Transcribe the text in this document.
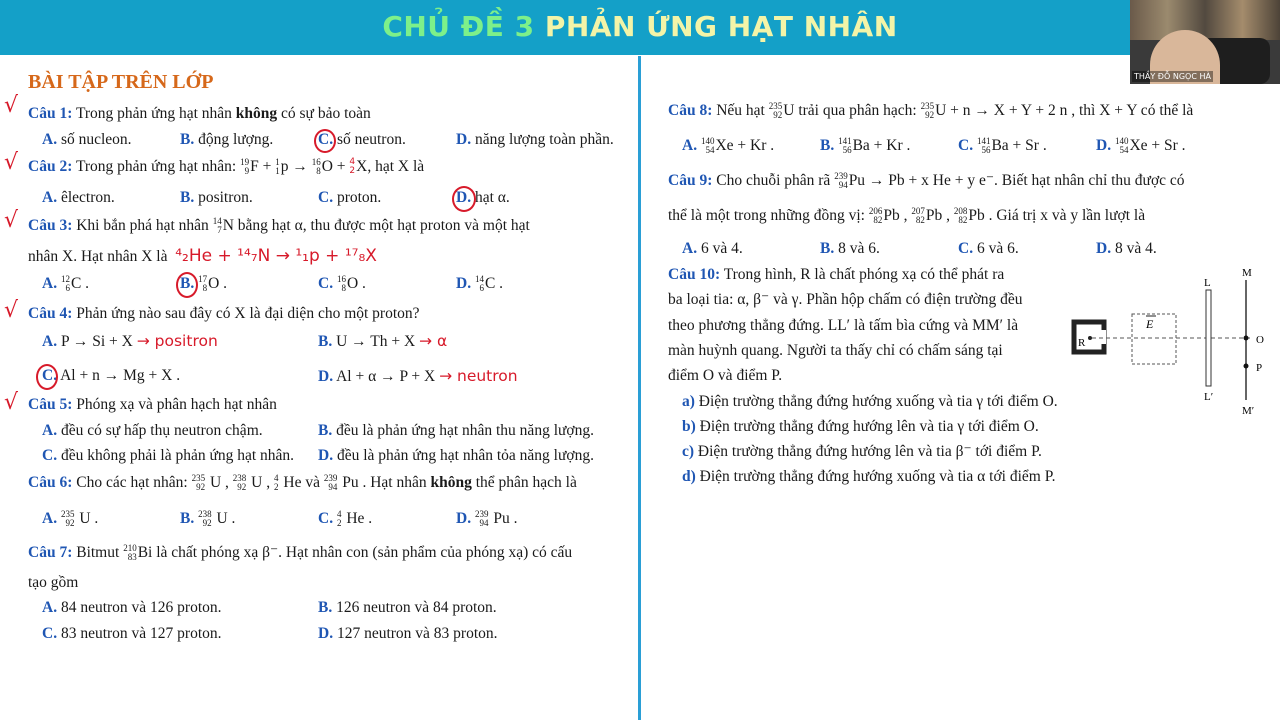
CHỦ ĐỀ 3 PHẢN ỨNG HẠT NHÂN
THẦY ĐỖ NGỌC HÀ
BÀI TẬP TRÊN LỚP
√
√
√
√
√
Câu 1: Trong phản ứng hạt nhân không có sự bảo toàn
A. số nucleon.	B. động lượng.	C. số neutron.	D. năng lượng toàn phần.
Câu 2: Trong phản ứng hạt nhân: 19
9 F + 1
1 p → 16
8 O + 4
2 X, hạt X là
A. êlectron.	B. positron.	C. proton.	D. hạt α.
Câu 3: Khi bắn phá hạt nhân 14
7 N bằng hạt α, thu được một hạt proton và một hạt
nhân X. Hạt nhân X là ⁴₂He + ¹⁴₇N → ¹₁p + ¹⁷₈X
A. 12
6 C .	B. 17
8 O .	C. 16
8 O .	D. 14
6 C .
Câu 4: Phản ứng nào sau đây có X là đại diện cho một proton?
A. P → Si + X → positron	B. U → Th + X → α
C. Al + n → Mg + X .	D. Al + α → P + X → neutron
Câu 5: Phóng xạ và phân hạch hạt nhân
A. đều có sự hấp thụ neutron chậm.	B. đều là phản ứng hạt nhân thu năng lượng.
C. đều không phải là phản ứng hạt nhân. D. đều là phản ứng hạt nhân tỏa năng lượng.
Câu 6: Cho các hạt nhân: 235
92 U , 238
92 U , 4
2 He và 239
94 Pu . Hạt nhân không thể phân hạch là
A. 235
92 U .	B. 238
92 U .	C. 4
2 He .	D. 239
94 Pu .
Câu 7: Bitmut 210
83 Bi là chất phóng xạ β⁻. Hạt nhân con (sản phẩm của phóng xạ) có cấu
tạo gồm
A. 84 neutron và 126 proton.	B. 126 neutron và 84 proton.
C. 83 neutron và 127 proton.	D. 127 neutron và 83 proton.
Câu 8: Nếu hạt 235
92 U trải qua phân hạch: 235
92 U + n → X + Y + 2 n , thì X + Y có thể là
A. 140
54 Xe + Kr .	B. 141
56 Ba + Kr .	C. 141
56 Ba + Sr .	D. 140
54 Xe + Sr .
Câu 9: Cho chuỗi phân rã 239
94 Pu → Pb + x He + y e⁻. Biết hạt nhân chỉ thu được có
thể là một trong những đồng vị: 206
82 Pb , 207
82 Pb , 208
82 Pb . Giá trị x và y lần lượt là
A. 6 và 4.	B. 8 và 6.	C. 6 và 6.	D. 8 và 4.
Câu 10: Trong hình, R là chất phóng xạ có thể phát ra
ba loại tia: α, β⁻ và γ. Phần hộp chấm có điện trường đều
theo phương thẳng đứng. LL′ là tấm bìa cứng và MM′ là
màn huỳnh quang. Người ta thấy chỉ có chấm sáng tại
điểm O và điểm P.
a) Điện trường thẳng đứng hướng xuống và tia γ tới điểm O.
b) Điện trường thẳng đứng hướng lên và tia γ tới điểm O.
c) Điện trường thẳng đứng hướng lên và tia β⁻ tới điểm P.
d) Điện trường thẳng đứng hướng xuống và tia α tới điểm P.
R
E
L
L′
M
M′
O
P
